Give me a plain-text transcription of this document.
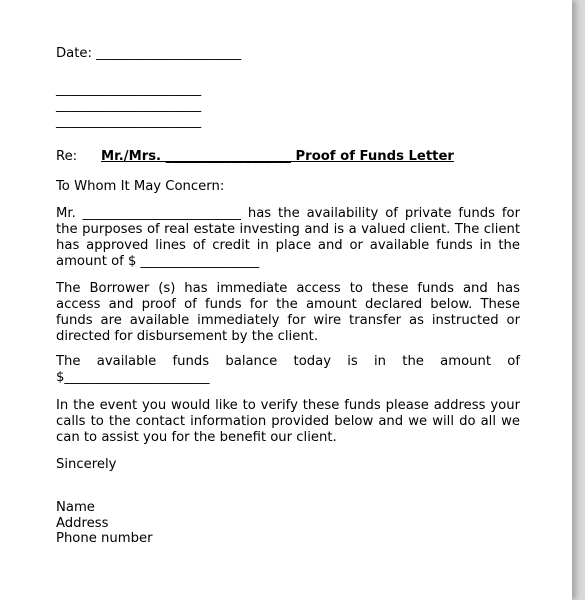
Date: ______________________
______________________
______________________
______________________
Re: Mr./Mrs. ___________________ Proof of Funds Letter
To Whom It May Concern:
Mr. ________________________ has the availability of private funds for the purposes of real estate investing and is a valued client. The client has approved lines of credit in place and or available funds in the amount of $ __________________
The Borrower (s) has immediate access to these funds and has access and proof of funds for the amount declared below. These funds are available immediately for wire transfer as instructed or directed for disbursement by the client.
The available funds balance today is in the amount of
$______________________
In the event you would like to verify these funds please address your calls to the contact information provided below and we will do all we can to assist you for the benefit our client.
Sincerely
Name
Address
Phone number
